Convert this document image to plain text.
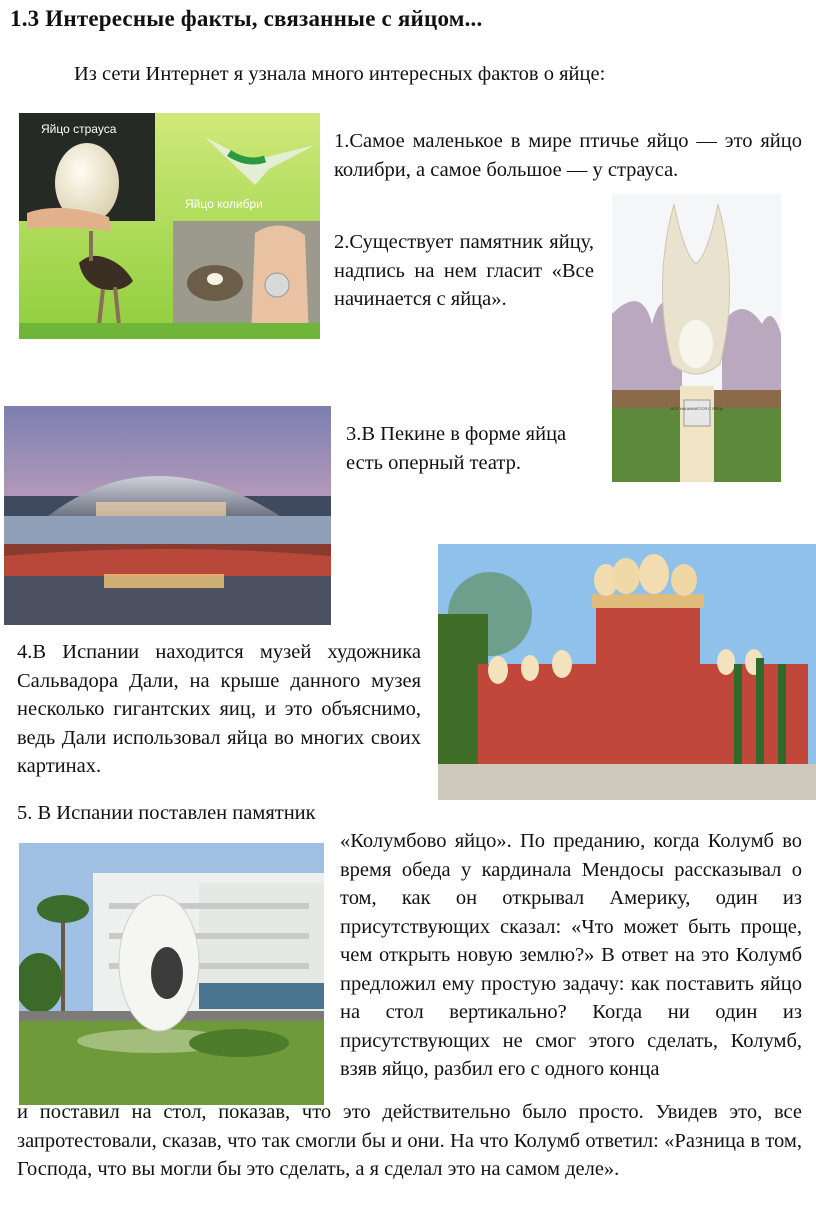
1.3 Интересные факты, связанные с яйцом...
Из сети Интернет я узнала много интересных фактов о яйце:
Яйцо страуса
Яйцо колибри
1.Самое маленькое в мире птичье яйцо — это яйцо колибри, а самое большое — у страуса.
2.Существует памятник яйцу, надпись на нем гласит «Все начинается с яйца».
ВСЕ НАЧИНАЕТСЯ С ЯЙЦА
3.В Пекине в форме яйца есть оперный театр.
4.В Испании находится музей художника Сальвадора Дали, на крыше данного музея несколько гигантских яиц, и это объяснимо, ведь Дали использовал яйца во многих своих картинах.
5. В Испании поставлен памятник
«Колумбово яйцо». По преданию, когда Колумб во время обеда у кардинала Мендосы рассказывал о том, как он открывал Америку, один из присутствующих сказал: «Что может быть проще, чем открыть новую землю?» В ответ на это Колумб предложил ему простую задачу: как поставить яйцо на стол вертикально? Когда ни один из присутствующих не смог этого сделать, Колумб, взяв яйцо, разбил его с одного конца
и поставил на стол, показав, что это действительно было просто. Увидев это, все запротестовали, сказав, что так смогли бы и они. На что Колумб ответил: «Разница в том, Господа, что вы могли бы это сделать, а я сделал это на самом деле».
